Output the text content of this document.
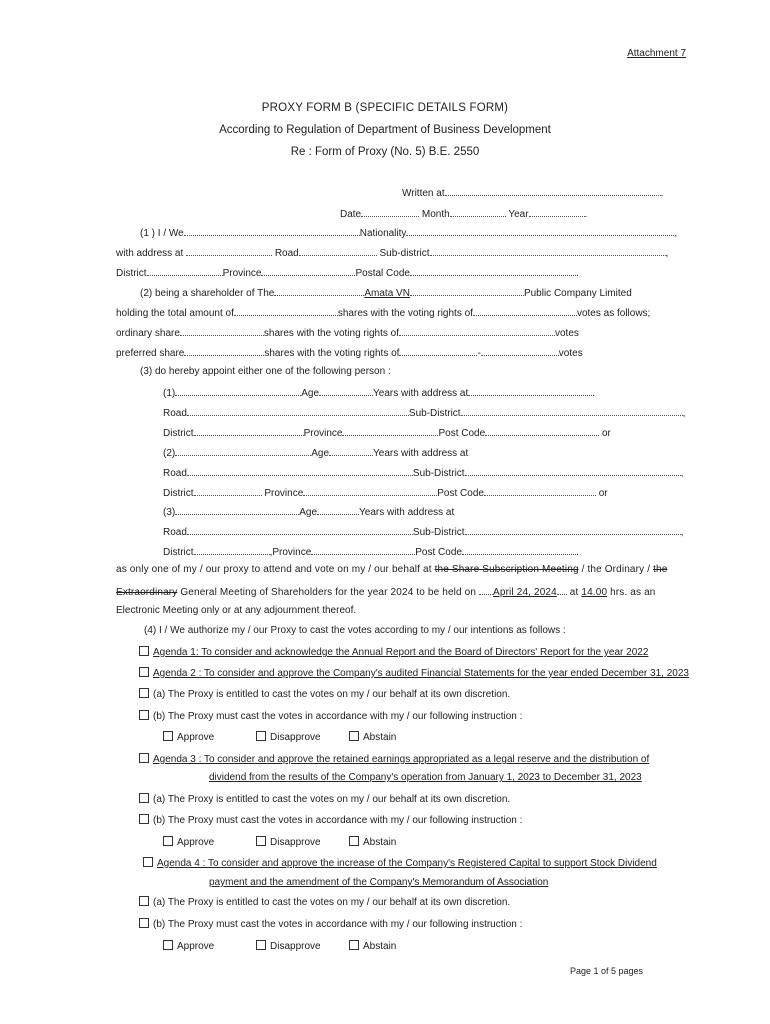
Attachment 7
PROXY FORM B (SPECIFIC DETAILS FORM)
According to Regulation of Department of Business Development
Re : Form of Proxy (No. 5) B.E. 2550
Written at	.
Date	Month	Year	.
(1 ) I / We	Nationality	,
with address at	Road	Sub-district	,
District	Province	Postal Code	.
(2) being a shareholder of The	Amata VN	Public Company Limited
holding the total amount of	shares with the voting rights of	votes as follows;
ordinary share	shares with the voting rights of	votes
preferred share	shares with the voting rights of	-	votes
(3) do hereby appoint either one of the following person :
(1)	Age	Years with address at	.
Road	Sub-District	,
District	Province	Post Code	or
(2)	Age	Years with address at
Road	Sub-District	,
District	Province	Post Code	or
(3)	Age	Years with address at
Road	Sub-District	,
District	,Province	Post Code	.
as only one of my / our proxy to attend and vote on my / our behalf at the Share Subscription Meeting / the Ordinary / the
Extraordinary General Meeting of Shareholders for the year 2024 to be held on April 24, 2024 at 14.00 hrs. as an
Electronic Meeting only or at any adjournment thereof.
(4) I / We authorize my / our Proxy to cast the votes according to my / our intentions as follows :
Agenda 1: To consider and acknowledge the Annual Report and the Board of Directors' Report for the year 2022
Agenda 2 : To consider and approve the Company's audited Financial Statements for the year ended December 31, 2023
(a) The Proxy is entitled to cast the votes on my / our behalf at its own discretion.
(b) The Proxy must cast the votes in accordance with my / our following instruction :
Approve	Disapprove	Abstain
Agenda 3 : To consider and approve the retained earnings appropriated as a legal reserve and the distribution of
dividend from the results of the Company's operation from January 1, 2023 to December 31, 2023
(a) The Proxy is entitled to cast the votes on my / our behalf at its own discretion.
(b) The Proxy must cast the votes in accordance with my / our following instruction :
Approve	Disapprove	Abstain
Agenda 4 : To consider and approve the increase of the Company's Registered Capital to support Stock Dividend
payment and the amendment of the Company's Memorandum of Association
(a) The Proxy is entitled to cast the votes on my / our behalf at its own discretion.
(b) The Proxy must cast the votes in accordance with my / our following instruction :
Approve	Disapprove	Abstain
Page 1 of 5 pages
